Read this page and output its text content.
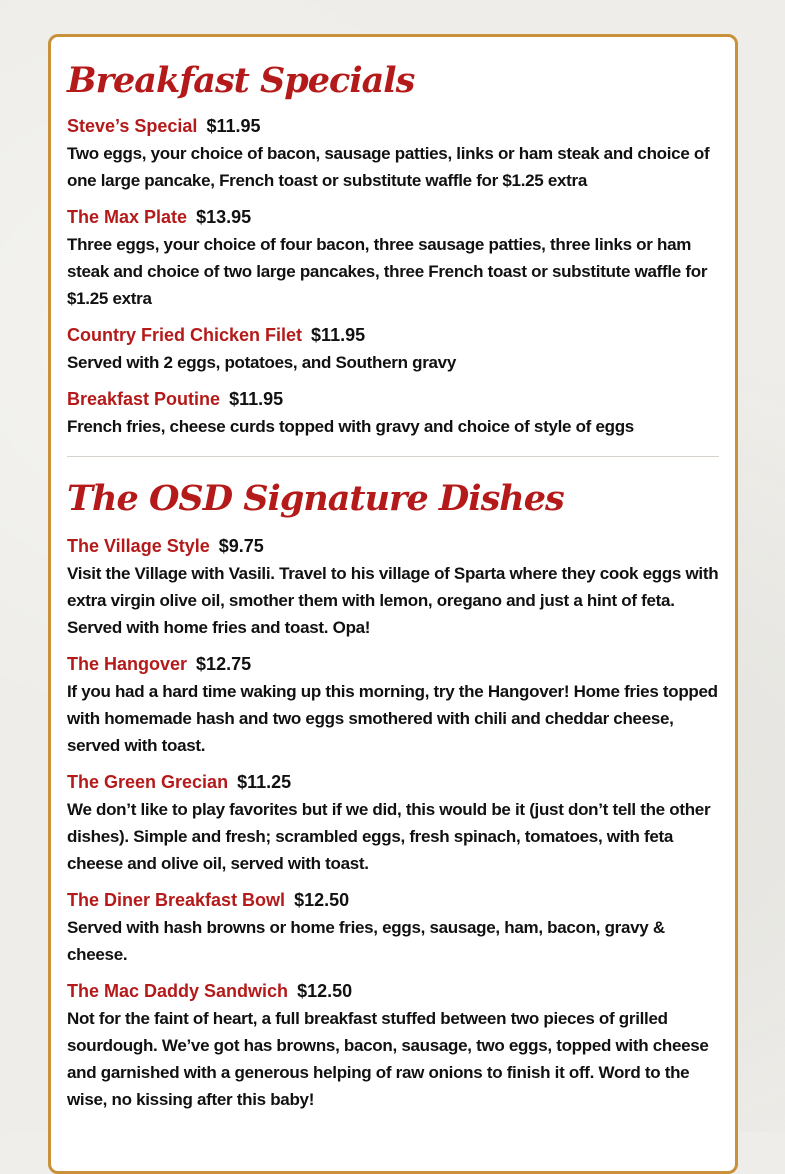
Breakfast Specials
Steve’s Special $11.95

Two eggs, your choice of bacon, sausage patties, links or ham steak and choice of one large pancake, French toast or substitute waffle for $1.25 extra

The Max Plate $13.95

Three eggs, your choice of four bacon, three sausage patties, three links or ham steak and choice of two large pancakes, three French toast or substitute waffle for $1.25 extra

Country Fried Chicken Filet $11.95

Served with 2 eggs, potatoes, and Southern gravy

Breakfast Poutine $11.95

French fries, cheese curds topped with gravy and choice of style of eggs

The OSD Signature Dishes
The Village Style $9.75

Visit the Village with Vasili. Travel to his village of Sparta where they cook eggs with extra virgin olive oil, smother them with lemon, oregano and just a hint of feta. Served with home fries and toast. Opa!

The Hangover $12.75

If you had a hard time waking up this morning, try the Hangover! Home fries topped with homemade hash and two eggs smothered with chili and cheddar cheese, served with toast.

The Green Grecian $11.25

We don’t like to play favorites but if we did, this would be it (just don’t tell the other dishes). Simple and fresh; scrambled eggs, fresh spinach, tomatoes, with feta cheese and olive oil, served with toast.

The Diner Breakfast Bowl $12.50

Served with hash browns or home fries, eggs, sausage, ham, bacon, gravy & cheese.

The Mac Daddy Sandwich $12.50

Not for the faint of heart, a full breakfast stuffed between two pieces of grilled sourdough. We’ve got has browns, bacon, sausage, two eggs, topped with cheese and garnished with a generous helping of raw onions to finish it off. Word to the wise, no kissing after this baby!
